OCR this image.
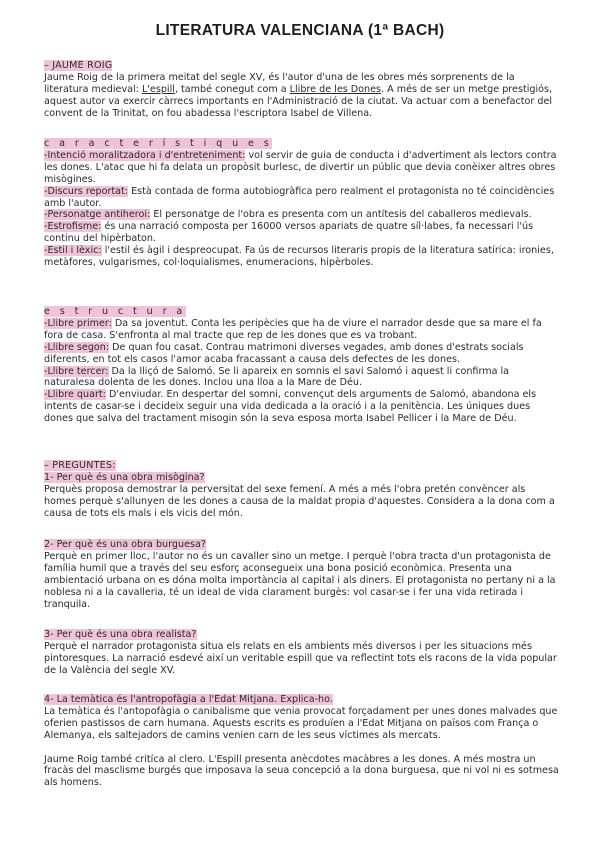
LITERATURA VALENCIANA (1ª BACH)

– JAUME ROIG

Jaume Roig de la primera meitat del segle XV, és l'autor d'una de les obres més sorprenents de la literatura medieval: L'espill, també conegut com a Llibre de les Dones. A més de ser un metge prestigiós, aquest autor va exercir càrrecs importants en l'Administració de la ciutat. Va actuar com a benefactor del convent de la Trinitat, on fou abadessa l'escriptora Isabel de Villena.

c a r a c t e r í s t i q u e s

-Intenció moralitzadora i d'entreteniment: vol servir de guia de conducta i d'advertiment als lectors contra les dones. L'atac que hi fa delata un propòsit burlesc, de divertir un públic que devia conèixer altres obres misògines.

-Discurs reportat: Està contada de forma autobiogràfica pero realment el protagonista no té coincidències amb l'autor.

-Personatge antiheroi: El personatge de l'obra es presenta com un antítesis del caballeros medievals.

-Estrofisme: és una narració composta per 16000 versos apariats de quatre síl·labes, fa necessari l'ús continu del hipèrbaton.

-Estil i lèxic: l'estil és àgil i despreocupat. Fa ús de recursos literaris propis de la literatura satírica: ironies, metàfores, vulgarismes, col·loquialismes, enumeracions, hipèrboles.

e s t r u c t u r a

-Llibre primer: Da sa joventut. Conta les peripècies que ha de viure el narrador desde que sa mare el fa fora de casa. S'enfronta al mal tracte que rep de les dones que es va trobant.

-Llibre segon: De quan fou casat. Contrau matrimoni diverses vegades, amb dones d'estrats socials diferents, en tot els casos l'amor acaba fracassant a causa dels defectes de les dones.

-Llibre tercer: Da la lliçó de Salomó. Se li apareix en somnis el savi Salomó i aquest li confirma la naturalesa dolenta de les dones. Inclou una lloa a la Mare de Déu.

-Llibre quart: D'enviudar. En despertar del somni, convençut dels arguments de Salomó, abandona els intents de casar-se i decideix seguir una vida dedicada a la oració i a la penitència. Les úniques dues dones que salva del tractament misogin són la seva esposa morta Isabel Pellicer i la Mare de Déu.

– PREGUNTES:

1- Per què és una obra misògina?

Perquès proposa demostrar la perversitat del sexe femení. A més a més l'obra pretén convèncer als homes perquè s'allunyen de les dones a causa de la maldat propia d'aquestes. Considera a la dona com a causa de tots els mals i els vicis del món.

2- Per què és una obra burguesa?

Perquè en primer lloc, l'autor no és un cavaller sino un metge. I perquè l'obra tracta d'un protagonista de família humil que a través del seu esforç aconsegueix una bona posició econòmica. Presenta una ambientació urbana on es dóna molta importància al capital i als diners. El protagonista no pertany ni a la noblesa ni a la cavalleria, té un ideal de vida clarament burgès: vol casar-se i fer una vida retirada i tranquila.

3- Per què és una obra realista?

Perquè el narrador protagonista situa els relats en els ambients més diversos i per les situacions més pintoresques. La narració esdevé així un veritable espill que va reflectint tots els racons de la vida popular de la València del segle XV.

4- La temàtica és l'antropofàgia a l'Edat Mitjana. Explica-ho.

La temàtica és l'antopofàgia o canibalisme que venia provocat forçadament per unes dones malvades que oferien pastissos de carn humana. Aquests escrits es produïen a l'Edat Mitjana on països com França o Alemanya, els saltejadors de camins venien carn de les seus víctimes als mercats.

Jaume Roig també critíca al clero. L'Espill presenta anècdotes macàbres a les dones. A més mostra un fracàs del masclisme burgés que imposava la seua concepció a la dona burguesa, que ni vol ni es sotmesa als homens.
